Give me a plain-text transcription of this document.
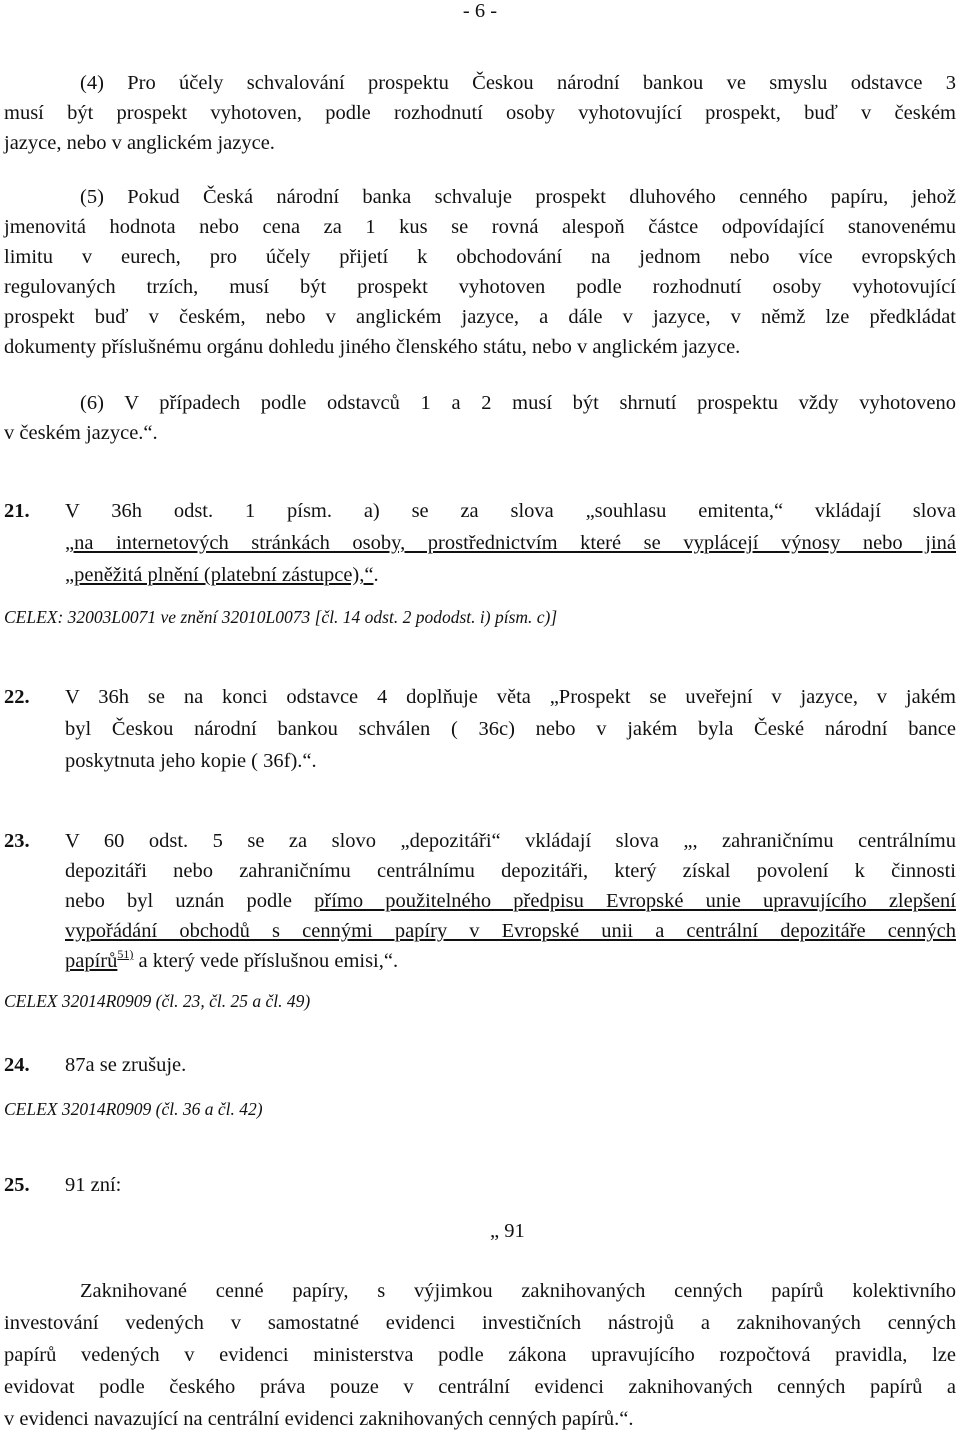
- 6 -
(4) Pro účely schvalování prospektu Českou národní bankou ve smyslu odstavce 3
musí být prospekt vyhotoven, podle rozhodnutí osoby vyhotovující prospekt, buď v českém
jazyce, nebo v anglickém jazyce.
(5) Pokud Česká národní banka schvaluje prospekt dluhového cenného papíru, jehož
jmenovitá hodnota nebo cena za 1 kus se rovná alespoň částce odpovídající stanovenému
limitu v eurech, pro účely přijetí k obchodování na jednom nebo více evropských
regulovaných trzích, musí být prospekt vyhotoven podle rozhodnutí osoby vyhotovující
prospekt buď v českém, nebo v anglickém jazyce, a dále v jazyce, v němž lze předkládat
dokumenty příslušnému orgánu dohledu jiného členského státu, nebo v anglickém jazyce.
(6) V případech podle odstavců 1 a 2 musí být shrnutí prospektu vždy vyhotoveno
v českém jazyce.“.
21.	V 36h odst. 1 písm. a) se za slova „souhlasu emitenta,“ vkládají slova
„na internetových stránkách osoby, prostřednictvím které se vyplácejí výnosy nebo jiná
„peněžitá plnění (platební zástupce),“.
CELEX: 32003L0071 ve znění 32010L0073 [čl. 14 odst. 2 pododst. i) písm. c)]
22.	V 36h se na konci odstavce 4 doplňuje věta „Prospekt se uveřejní v jazyce, v jakém
byl Českou národní bankou schválen ( 36c) nebo v jakém byla České národní bance
poskytnuta jeho kopie ( 36f).“.
23.	V 60 odst. 5 se za slovo „depozitáři“ vkládají slova „, zahraničnímu centrálnímu
depozitáři nebo zahraničnímu centrálnímu depozitáři, který získal povolení k činnosti
nebo byl uznán podle přímo použitelného předpisu Evropské unie upravujícího zlepšení
vypořádání obchodů s cennými papíry v Evropské unii a centrální depozitáře cenných
papírů$^{51)}$ a který vede příslušnou emisi,“.
CELEX 32014R0909 (čl. 23, čl. 25 a čl. 49)
24.	87a se zrušuje.
CELEX 32014R0909 (čl. 36 a čl. 42)
25.	91 zní:
„ 91
Zaknihované cenné papíry, s výjimkou zaknihovaných cenných papírů kolektivního
investování vedených v samostatné evidenci investičních nástrojů a zaknihovaných cenných
papírů vedených v evidenci ministerstva podle zákona upravujícího rozpočtová pravidla, lze
evidovat podle českého práva pouze v centrální evidenci zaknihovaných cenných papírů a
v evidenci navazující na centrální evidenci zaknihovaných cenných papírů.“.
